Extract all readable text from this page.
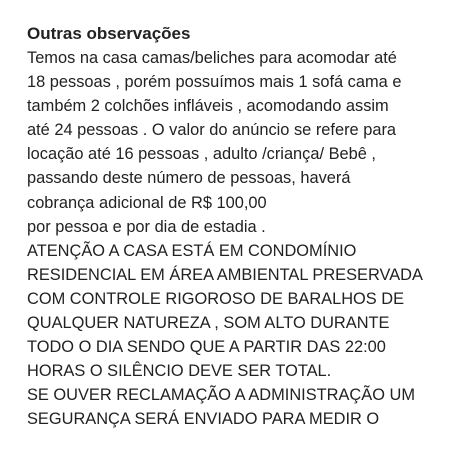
Outras observações
Temos na casa camas/beliches para acomodar até
18 pessoas , porém possuímos mais 1 sofá cama e
também 2 colchões infláveis , acomodando assim
até 24 pessoas . O valor do anúncio se refere para
locação até 16 pessoas , adulto /criança/ Bebê ,
passando deste número de pessoas, haverá
cobrança adicional de R$ 100,00
por pessoa e por dia de estadia .
ATENÇÃO A CASA ESTÁ EM CONDOMÍNIO
RESIDENCIAL EM ÁREA AMBIENTAL PRESERVADA
COM CONTROLE RIGOROSO DE BARALHOS DE
QUALQUER NATUREZA , SOM ALTO DURANTE
TODO O DIA SENDO QUE A PARTIR DAS 22:00
HORAS O SILÊNCIO DEVE SER TOTAL.
SE OUVER RECLAMAÇÃO A ADMINISTRAÇÃO UM
SEGURANÇA SERÁ ENVIADO PARA MEDIR O
